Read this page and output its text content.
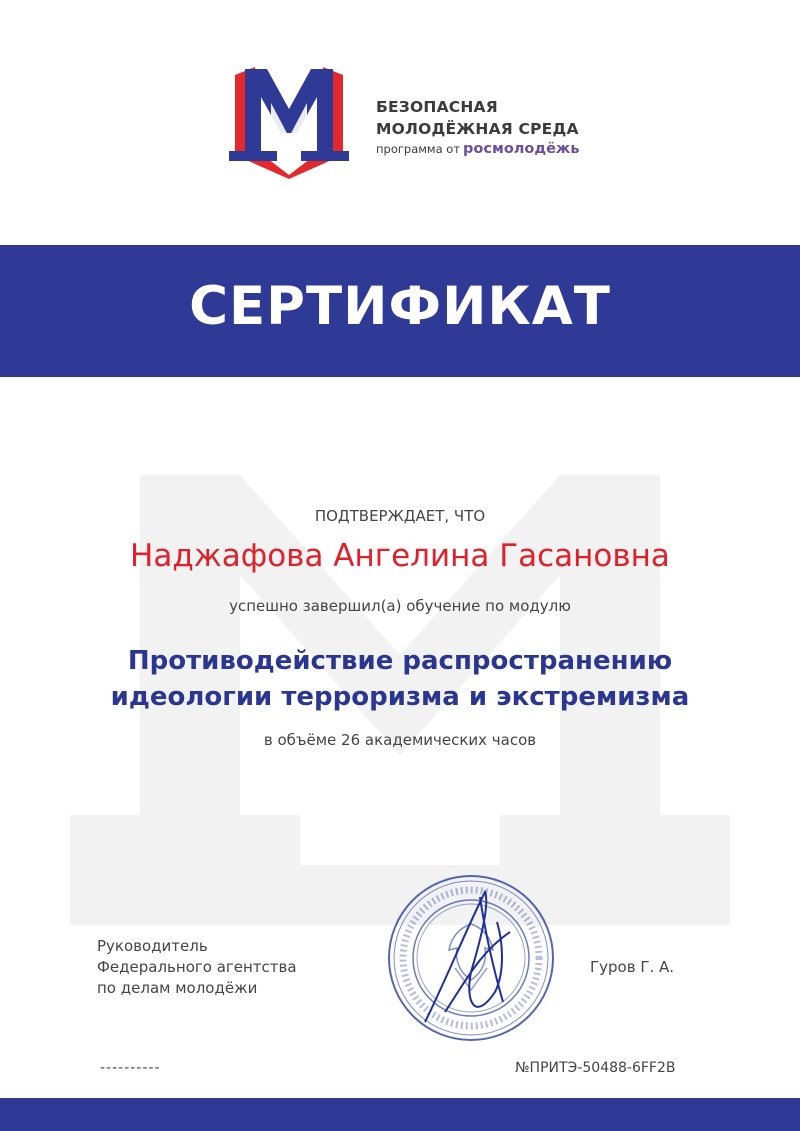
БЕЗОПАСНАЯ
МОЛОДЁЖНАЯ СРЕДА
программа от росмолодёжь
СЕРТИФИКАТ
ПОДТВЕРЖДАЕТ, ЧТО
Наджафова Ангелина Гасановна
успешно завершил(а) обучение по модулю
Противодействие распространению
идеологии терроризма и экстремизма
в объёме 26 академических часов
Руководитель
Федерального агентства
по делам молодёжи
Гуров Г. А.
----------	№ПРИТЭ-50488-6FF2B
